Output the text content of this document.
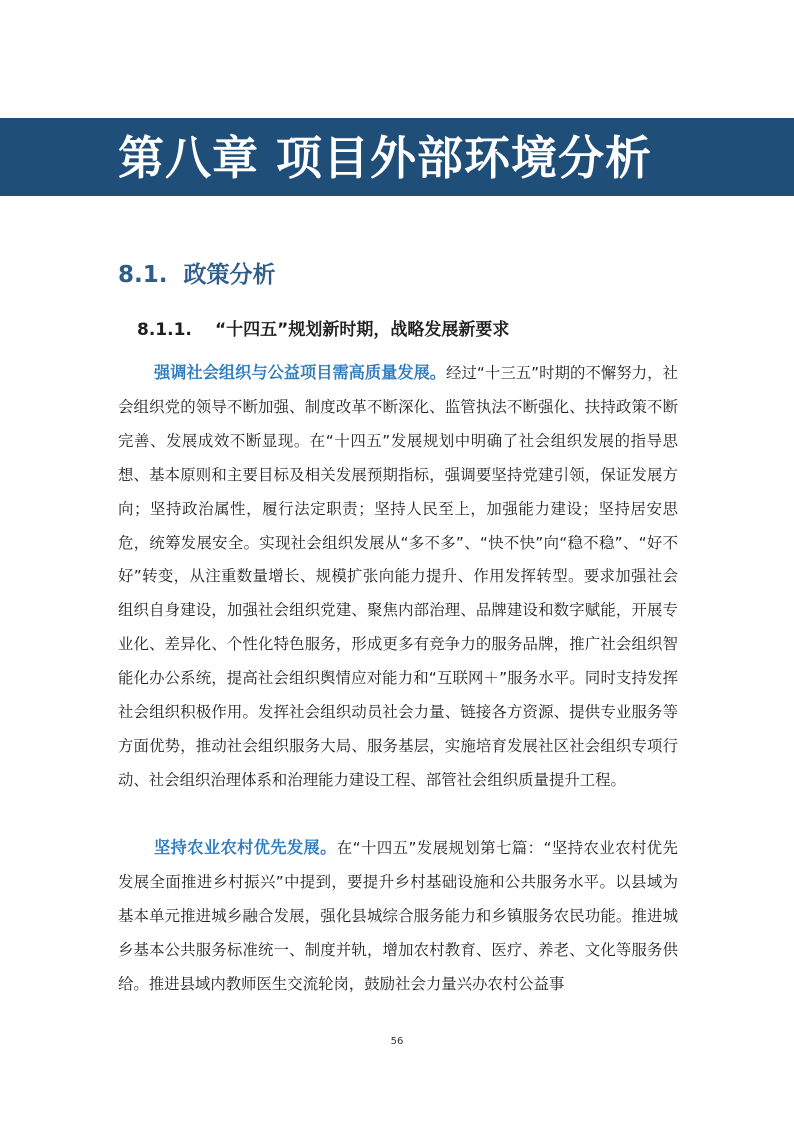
第八章 项目外部环境分析
8.1. 政策分析
8.1.1. “十四五”规划新时期，战略发展新要求

强调社会组织与公益项目需高质量发展。经过“十三五”时期的不懈努力，社会组织党的领导不断加强、制度改革不断深化、监管执法不断强化、扶持政策不断完善、发展成效不断显现。在“十四五”发展规划中明确了社会组织发展的指导思想、基本原则和主要目标及相关发展预期指标，强调要坚持党建引领，保证发展方向；坚持政治属性，履行法定职责；坚持人民至上，加强能力建设；坚持居安思危，统筹发展安全。实现社会组织发展从“多不多”、“快不快”向“稳不稳”、“好不好”转变，从注重数量增长、规模扩张向能力提升、作用发挥转型。要求加强社会组织自身建设，加强社会组织党建、聚焦内部治理、品牌建设和数字赋能，开展专业化、差异化、个性化特色服务，形成更多有竞争力的服务品牌，推广社会组织智能化办公系统，提高社会组织舆情应对能力和“互联网＋”服务水平。同时支持发挥社会组织积极作用。发挥社会组织动员社会力量、链接各方资源、提供专业服务等方面优势，推动社会组织服务大局、服务基层，实施培育发展社区社会组织专项行动、社会组织治理体系和治理能力建设工程、部管社会组织质量提升工程。

坚持农业农村优先发展。在“十四五”发展规划第七篇：“坚持农业农村优先发展全面推进乡村振兴”中提到，要提升乡村基础设施和公共服务水平。以县域为基本单元推进城乡融合发展，强化县城综合服务能力和乡镇服务农民功能。推进城乡基本公共服务标准统一、制度并轨，增加农村教育、医疗、养老、文化等服务供给。推进县域内教师医生交流轮岗，鼓励社会力量兴办农村公益事

56
